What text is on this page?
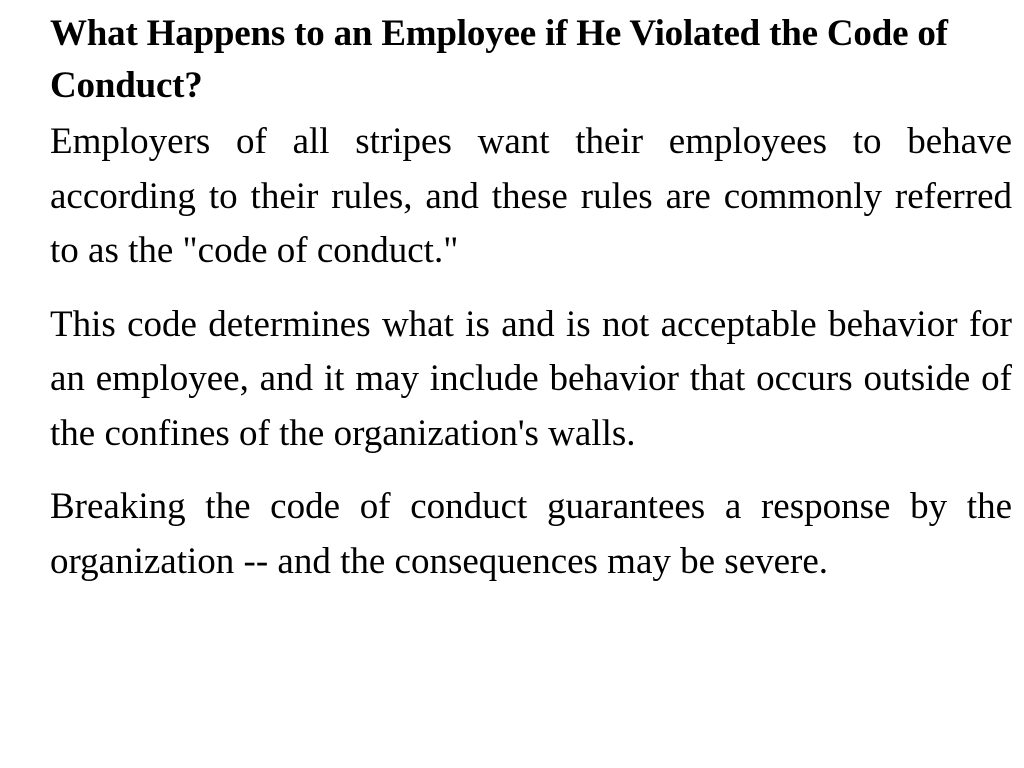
What Happens to an Employee if He Violated the Code of Conduct?

Employers of all stripes want their employees to behave according to their rules, and these rules are commonly referred to as the "code of conduct."

This code determines what is and is not acceptable behavior for an employee, and it may include behavior that occurs outside of the confines of the organization's walls.

Breaking the code of conduct guarantees a response by the organization -- and the consequences may be severe.
